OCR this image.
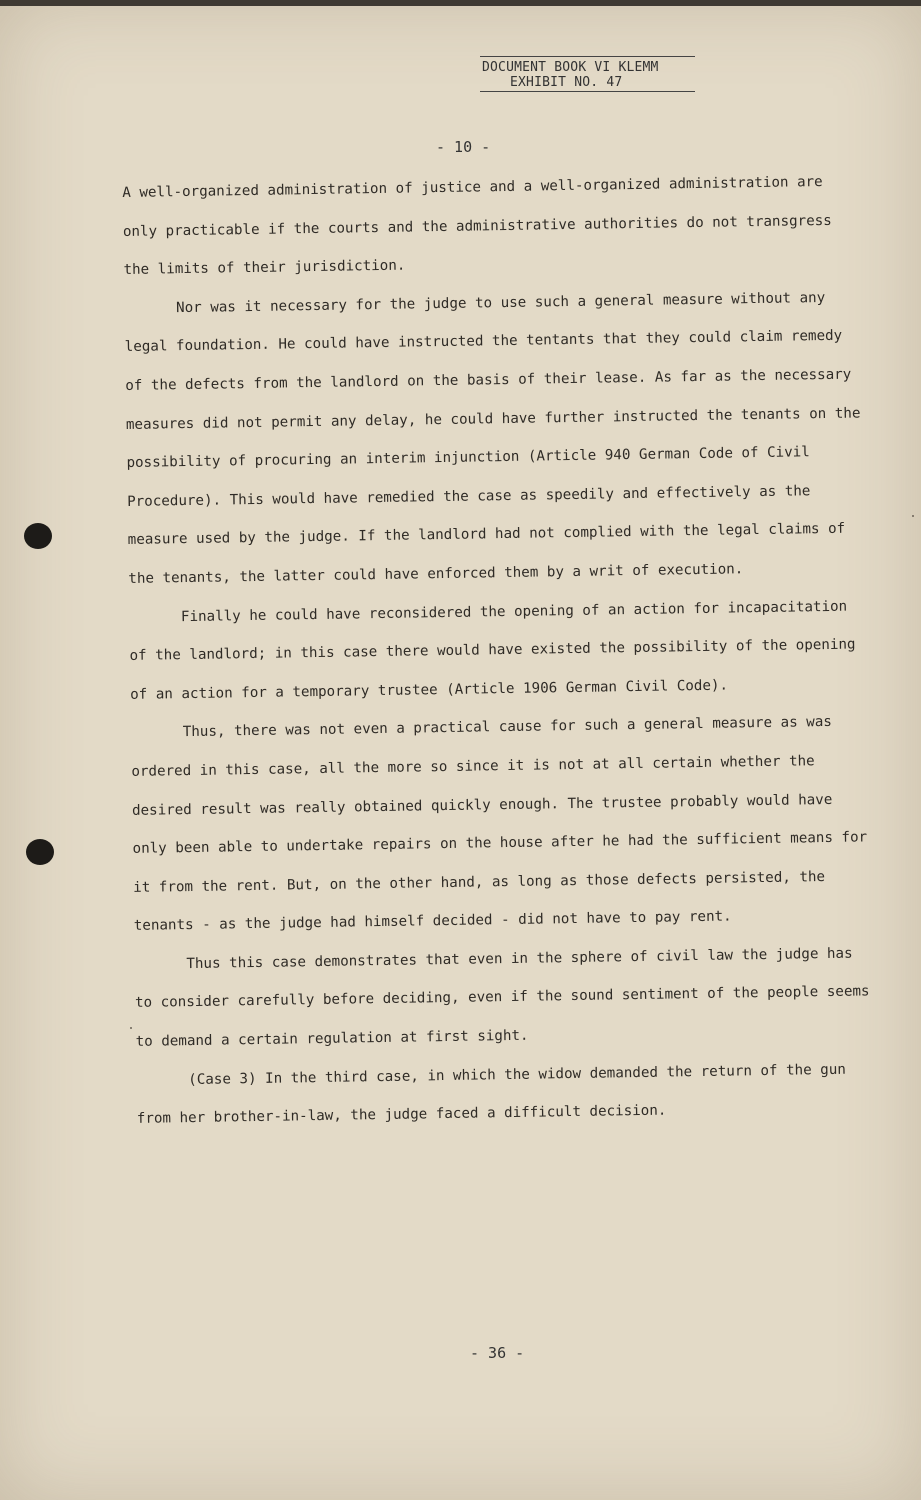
DOCUMENT BOOK VI KLEMM
EXHIBIT NO. 47
- 10 -

A well-organized administration of justice and a well-organized administration are only practicable if the courts and the administrative authorities do not transgress the limits of their jurisdiction.

Nor was it necessary for the judge to use such a general measure without any legal foundation. He could have instructed the tentants that they could claim remedy of the defects from the landlord on the basis of their lease. As far as the necessary measures did not permit any delay, he could have further instructed the tenants on the possibility of procuring an interim injunction (Article 940 German Code of Civil Procedure). This would have remedied the case as speedily and effectively as the measure used by the judge. If the landlord had not complied with the legal claims of the tenants, the latter could have enforced them by a writ of execution.

Finally he could have reconsidered the opening of an action for incapacitation of the landlord; in this case there would have existed the possibility of the opening of an action for a temporary trustee (Article 1906 German Civil Code).

Thus, there was not even a practical cause for such a general measure as was ordered in this case, all the more so since it is not at all certain whether the desired result was really obtained quickly enough. The trustee probably would have only been able to undertake repairs on the house after he had the sufficient means for it from the rent. But, on the other hand, as long as those defects persisted, the tenants - as the judge had himself decided - did not have to pay rent.

Thus this case demonstrates that even in the sphere of civil law the judge has to consider carefully before deciding, even if the sound sentiment of the people seems to demand a certain regulation at first sight.

(Case 3) In the third case, in which the widow demanded the return of the gun from her brother-in-law, the judge faced a difficult decision.

- 36 -
